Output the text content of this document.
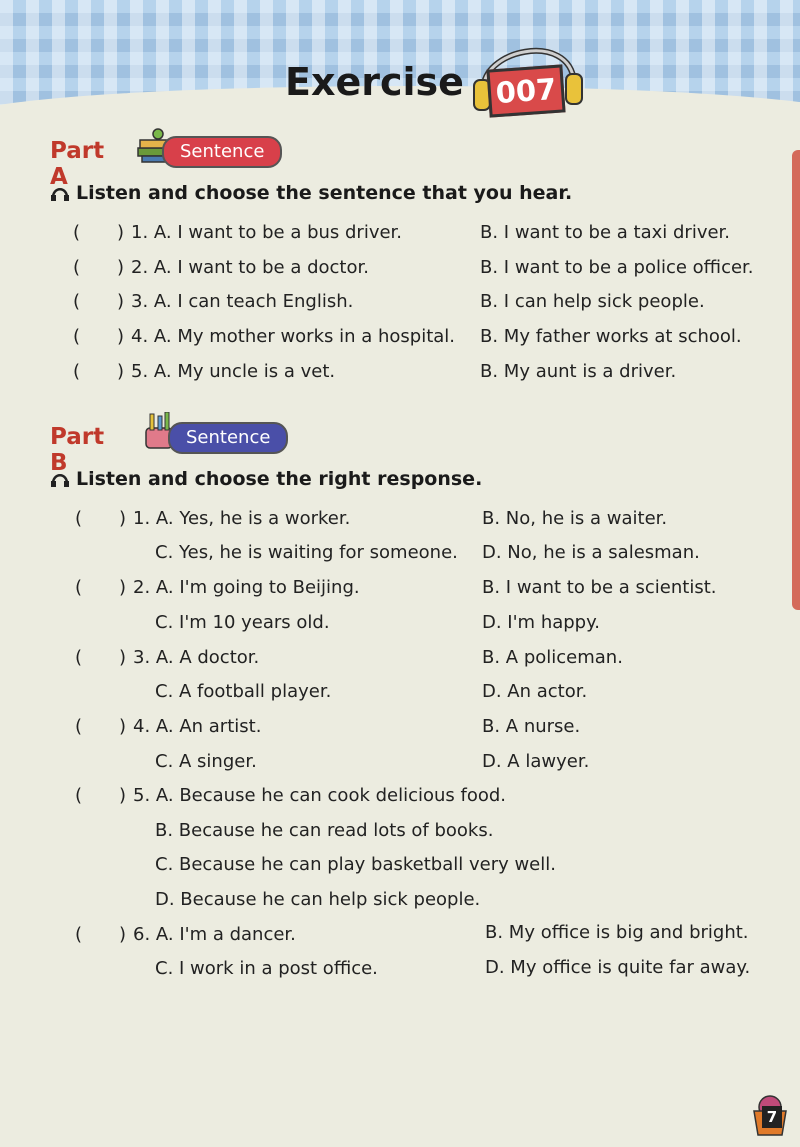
Exercise 007
Part A
Sentence
Listen and choose the sentence that you hear.
( ) 1. A. I want to be a bus driver.	B. I want to be a taxi driver.
( ) 2. A. I want to be a doctor.	B. I want to be a police officer.
( ) 3. A. I can teach English.	B. I can help sick people.
( ) 4. A. My mother works in a hospital. B. My father works at school.
( ) 5. A. My uncle is a vet.	B. My aunt is a driver.
Part B
Sentence
Listen and choose the right response.
( ) 1. A. Yes, he is a worker.	B. No, he is a waiter.
C. Yes, he is waiting for someone. D. No, he is a salesman.
( ) 2. A. I'm going to Beijing.	B. I want to be a scientist.
C. I'm 10 years old.	D. I'm happy.
( ) 3. A. A doctor.	B. A policeman.
C. A football player.	D. An actor.
( ) 4. A. An artist.	B. A nurse.
C. A singer.	D. A lawyer.
( ) 5. A. Because he can cook delicious food.
B. Because he can read lots of books.
C. Because he can play basketball very well.
D. Because he can help sick people.
( ) 6. A. I'm a dancer.	B. My office is big and bright.
C. I work in a post office.	D. My office is quite far away.
7
